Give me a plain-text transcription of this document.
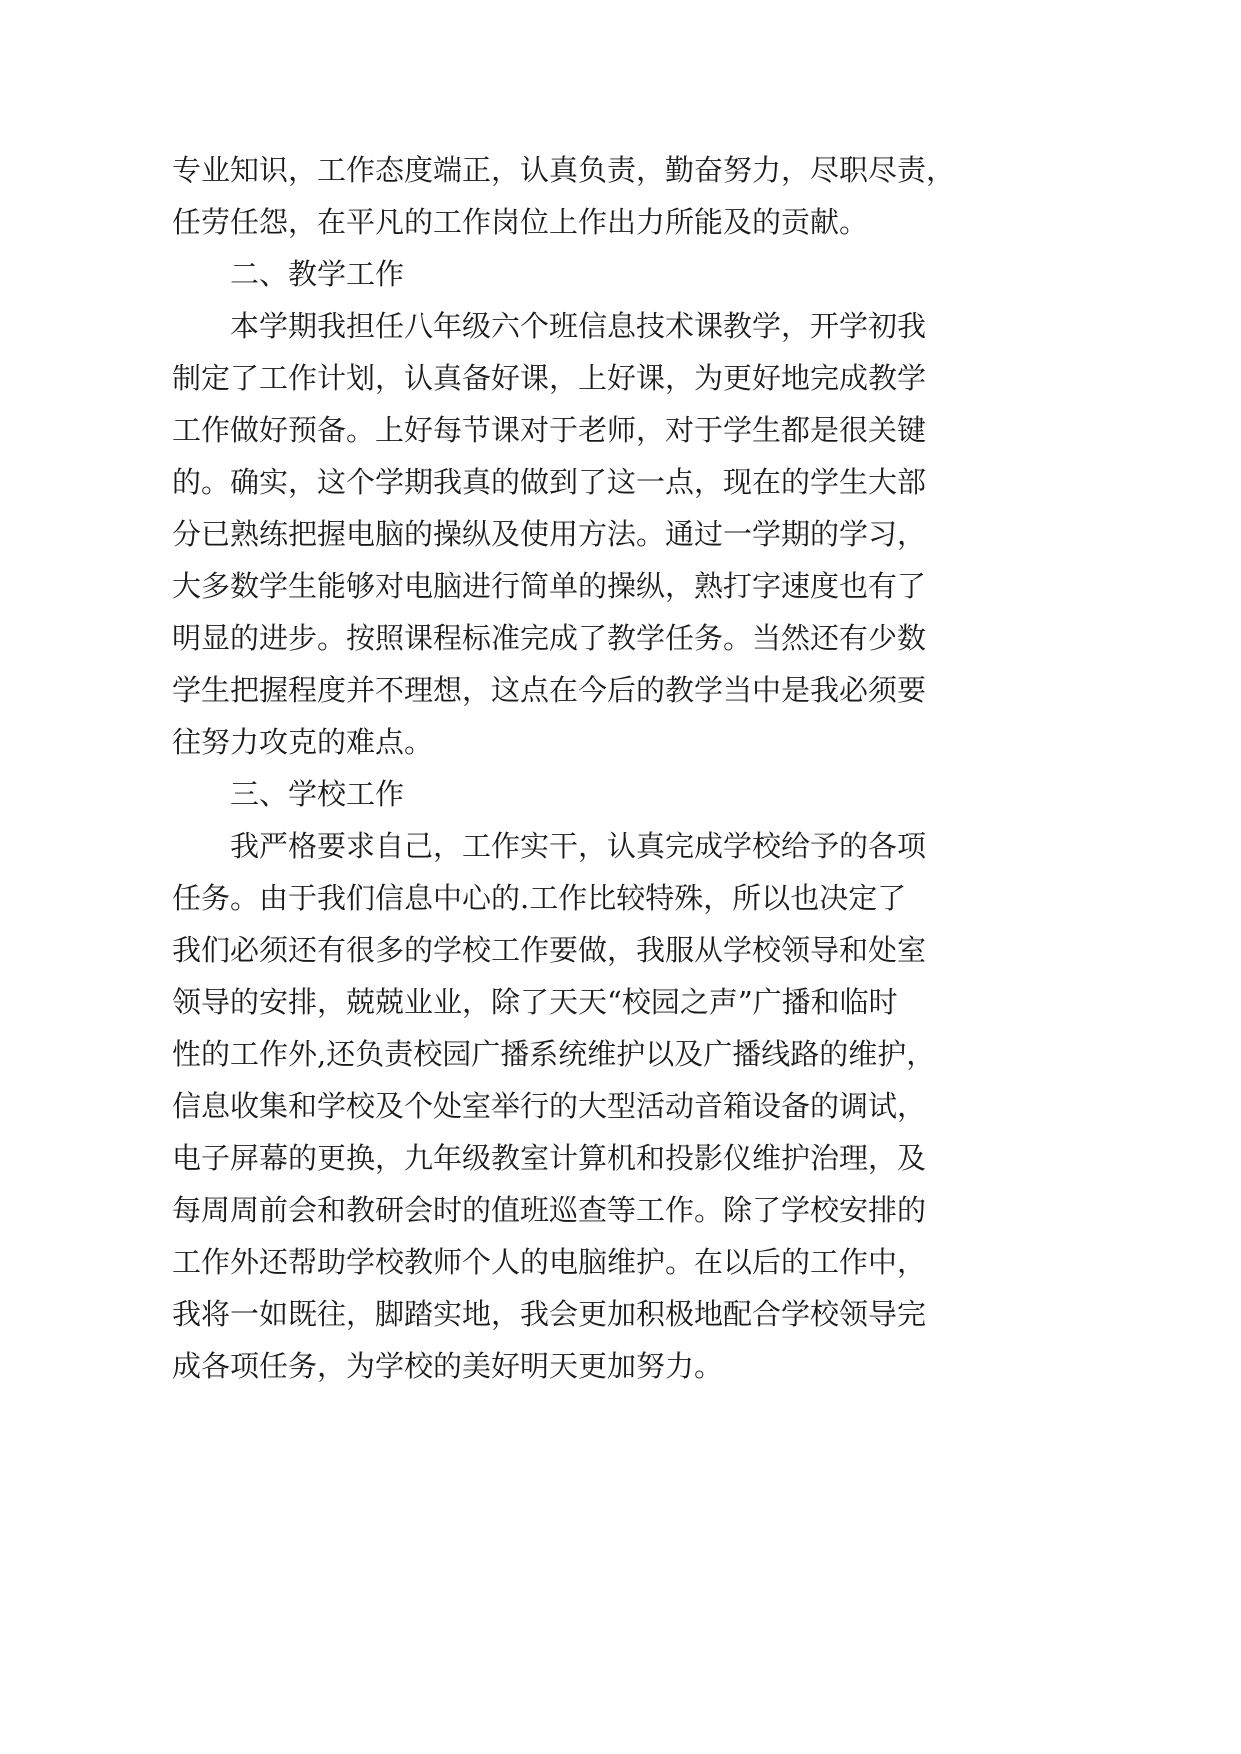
专业知识，工作态度端正，认真负责，勤奋努力，尽职尽责，
任劳任怨，在平凡的工作岗位上作出力所能及的贡献。
二、教学工作
本学期我担任八年级六个班信息技术课教学，开学初我
制定了工作计划，认真备好课，上好课，为更好地完成教学
工作做好预备。上好每节课对于老师，对于学生都是很关键
的。确实，这个学期我真的做到了这一点，现在的学生大部
分已熟练把握电脑的操纵及使用方法。通过一学期的学习，
大多数学生能够对电脑进行简单的操纵，熟打字速度也有了
明显的进步。按照课程标准完成了教学任务。当然还有少数
学生把握程度并不理想，这点在今后的教学当中是我必须要
往努力攻克的难点。
三、学校工作
我严格要求自己，工作实干，认真完成学校给予的各项
任务。由于我们信息中心的.工作比较特殊，所以也决定了
我们必须还有很多的学校工作要做，我服从学校领导和处室
领导的安排，兢兢业业，除了天天“校园之声”广播和临时
性的工作外,还负责校园广播系统维护以及广播线路的维护，
信息收集和学校及个处室举行的大型活动音箱设备的调试，
电子屏幕的更换，九年级教室计算机和投影仪维护治理，及
每周周前会和教研会时的值班巡查等工作。除了学校安排的
工作外还帮助学校教师个人的电脑维护。在以后的工作中，
我将一如既往，脚踏实地，我会更加积极地配合学校领导完
成各项任务，为学校的美好明天更加努力。
